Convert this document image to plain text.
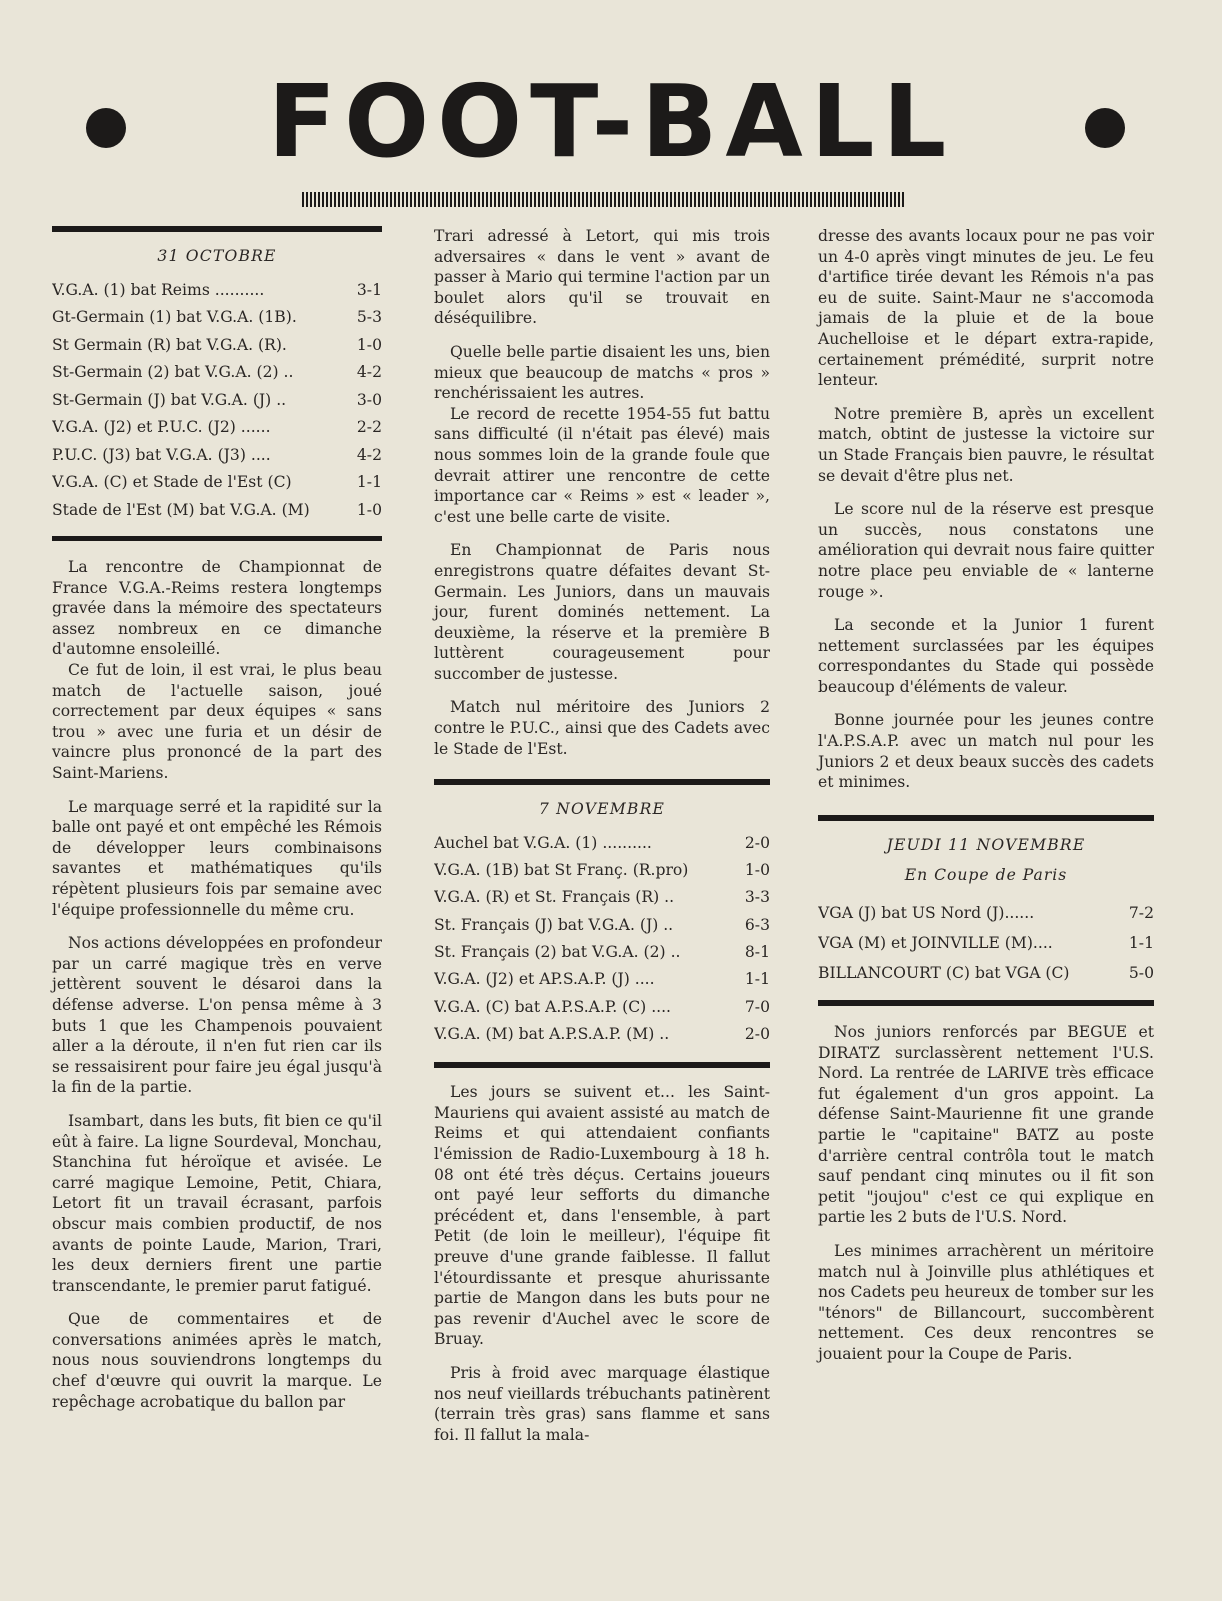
FOOT-BALL
31 OCTOBRE
V.G.A. (1) bat Reims ..........	3-1
Gt-Germain (1) bat V.G.A. (1B).	5-3
St Germain (R) bat V.G.A. (R).	1-0
St-Germain (2) bat V.G.A. (2) ..	4-2
St-Germain (J) bat V.G.A. (J) ..	3-0
V.G.A. (J2) et P.U.C. (J2) ......	2-2
P.U.C. (J3) bat V.G.A. (J3) ....	4-2
V.G.A. (C) et Stade de l'Est (C)	1-1
Stade de l'Est (M) bat V.G.A. (M)	1-0

La rencontre de Championnat de France V.G.A.-Reims restera longtemps gravée dans la mémoire des spectateurs assez nombreux en ce dimanche d'automne ensoleillé.

Ce fut de loin, il est vrai, le plus beau match de l'actuelle saison, joué correctement par deux équipes « sans trou » avec une furia et un désir de vaincre plus prononcé de la part des Saint-Mariens.

Le marquage serré et la rapidité sur la balle ont payé et ont empêché les Rémois de développer leurs combinaisons savantes et mathématiques qu'ils répètent plusieurs fois par semaine avec l'équipe professionnelle du même cru.

Nos actions développées en profondeur par un carré magique très en verve jettèrent souvent le désaroi dans la défense adverse. L'on pensa même à 3 buts 1 que les Champenois pouvaient aller a la déroute, il n'en fut rien car ils se ressaisirent pour faire jeu égal jusqu'à la fin de la partie.

Isambart, dans les buts, fit bien ce qu'il eût à faire. La ligne Sourdeval, Monchau, Stanchina fut héroïque et avisée. Le carré magique Lemoine, Petit, Chiara, Letort fit un travail écrasant, parfois obscur mais combien productif, de nos avants de pointe Laude, Marion, Trari, les deux derniers firent une partie transcendante, le premier parut fatigué.

Que de commentaires et de conversations animées après le match, nous nous souviendrons longtemps du chef d'œuvre qui ouvrit la marque. Le repêchage acrobatique du ballon par

Trari adressé à Letort, qui mis trois adversaires « dans le vent » avant de passer à Mario qui termine l'action par un boulet alors qu'il se trouvait en déséquilibre.

Quelle belle partie disaient les uns, bien mieux que beaucoup de matchs « pros » renchérissaient les autres.

Le record de recette 1954-55 fut battu sans difficulté (il n'était pas élevé) mais nous sommes loin de la grande foule que devrait attirer une rencontre de cette importance car « Reims » est « leader », c'est une belle carte de visite.

En Championnat de Paris nous enregistrons quatre défaites devant St-Germain. Les Juniors, dans un mauvais jour, furent dominés nettement. La deuxième, la réserve et la première B luttèrent courageusement pour succomber de justesse.

Match nul méritoire des Juniors 2 contre le P.U.C., ainsi que des Cadets avec le Stade de l'Est.

7 NOVEMBRE
Auchel bat V.G.A. (1) ..........	2-0
V.G.A. (1B) bat St Franç. (R.pro)	1-0
V.G.A. (R) et St. Français (R) ..	3-3
St. Français (J) bat V.G.A. (J) ..	6-3
St. Français (2) bat V.G.A. (2) ..	8-1
V.G.A. (J2) et AP.S.A.P. (J) ....	1-1
V.G.A. (C) bat A.P.S.A.P. (C) ....	7-0
V.G.A. (M) bat A.P.S.A.P. (M) ..	2-0

Les jours se suivent et... les Saint-Mauriens qui avaient assisté au match de Reims et qui attendaient confiants l'émission de Radio-Luxembourg à 18 h. 08 ont été très déçus. Certains joueurs ont payé leur sefforts du dimanche précédent et, dans l'ensemble, à part Petit (de loin le meilleur), l'équipe fit preuve d'une grande faiblesse. Il fallut l'étourdissante et presque ahurissante partie de Mangon dans les buts pour ne pas revenir d'Auchel avec le score de Bruay.

Pris à froid avec marquage élastique nos neuf vieillards trébuchants patinèrent (terrain très gras) sans flamme et sans foi. Il fallut la mala-

dresse des avants locaux pour ne pas voir un 4-0 après vingt minutes de jeu. Le feu d'artifice tirée devant les Rémois n'a pas eu de suite. Saint-Maur ne s'accomoda jamais de la pluie et de la boue Auchelloise et le départ extra-rapide, certainement prémédité, surprit notre lenteur.

Notre première B, après un excellent match, obtint de justesse la victoire sur un Stade Français bien pauvre, le résultat se devait d'être plus net.

Le score nul de la réserve est presque un succès, nous constatons une amélioration qui devrait nous faire quitter notre place peu enviable de « lanterne rouge ».

La seconde et la Junior 1 furent nettement surclassées par les équipes correspondantes du Stade qui possède beaucoup d'éléments de valeur.

Bonne journée pour les jeunes contre l'A.P.S.A.P. avec un match nul pour les Juniors 2 et deux beaux succès des cadets et minimes.

JEUDI 11 NOVEMBRE
En Coupe de Paris
VGA (J) bat US Nord (J)......	7-2
VGA (M) et JOINVILLE (M)....	1-1
BILLANCOURT (C) bat VGA (C)	5-0

Nos juniors renforcés par BEGUE et DIRATZ surclassèrent nettement l'U.S. Nord. La rentrée de LARIVE très efficace fut également d'un gros appoint. La défense Saint-Maurienne fit une grande partie le "capitaine" BATZ au poste d'arrière central contrôla tout le match sauf pendant cinq minutes ou il fit son petit "joujou" c'est ce qui explique en partie les 2 buts de l'U.S. Nord.

Les minimes arrachèrent un méritoire match nul à Joinville plus athlétiques et nos Cadets peu heureux de tomber sur les "ténors" de Billancourt, succombèrent nettement. Ces deux rencontres se jouaient pour la Coupe de Paris.
